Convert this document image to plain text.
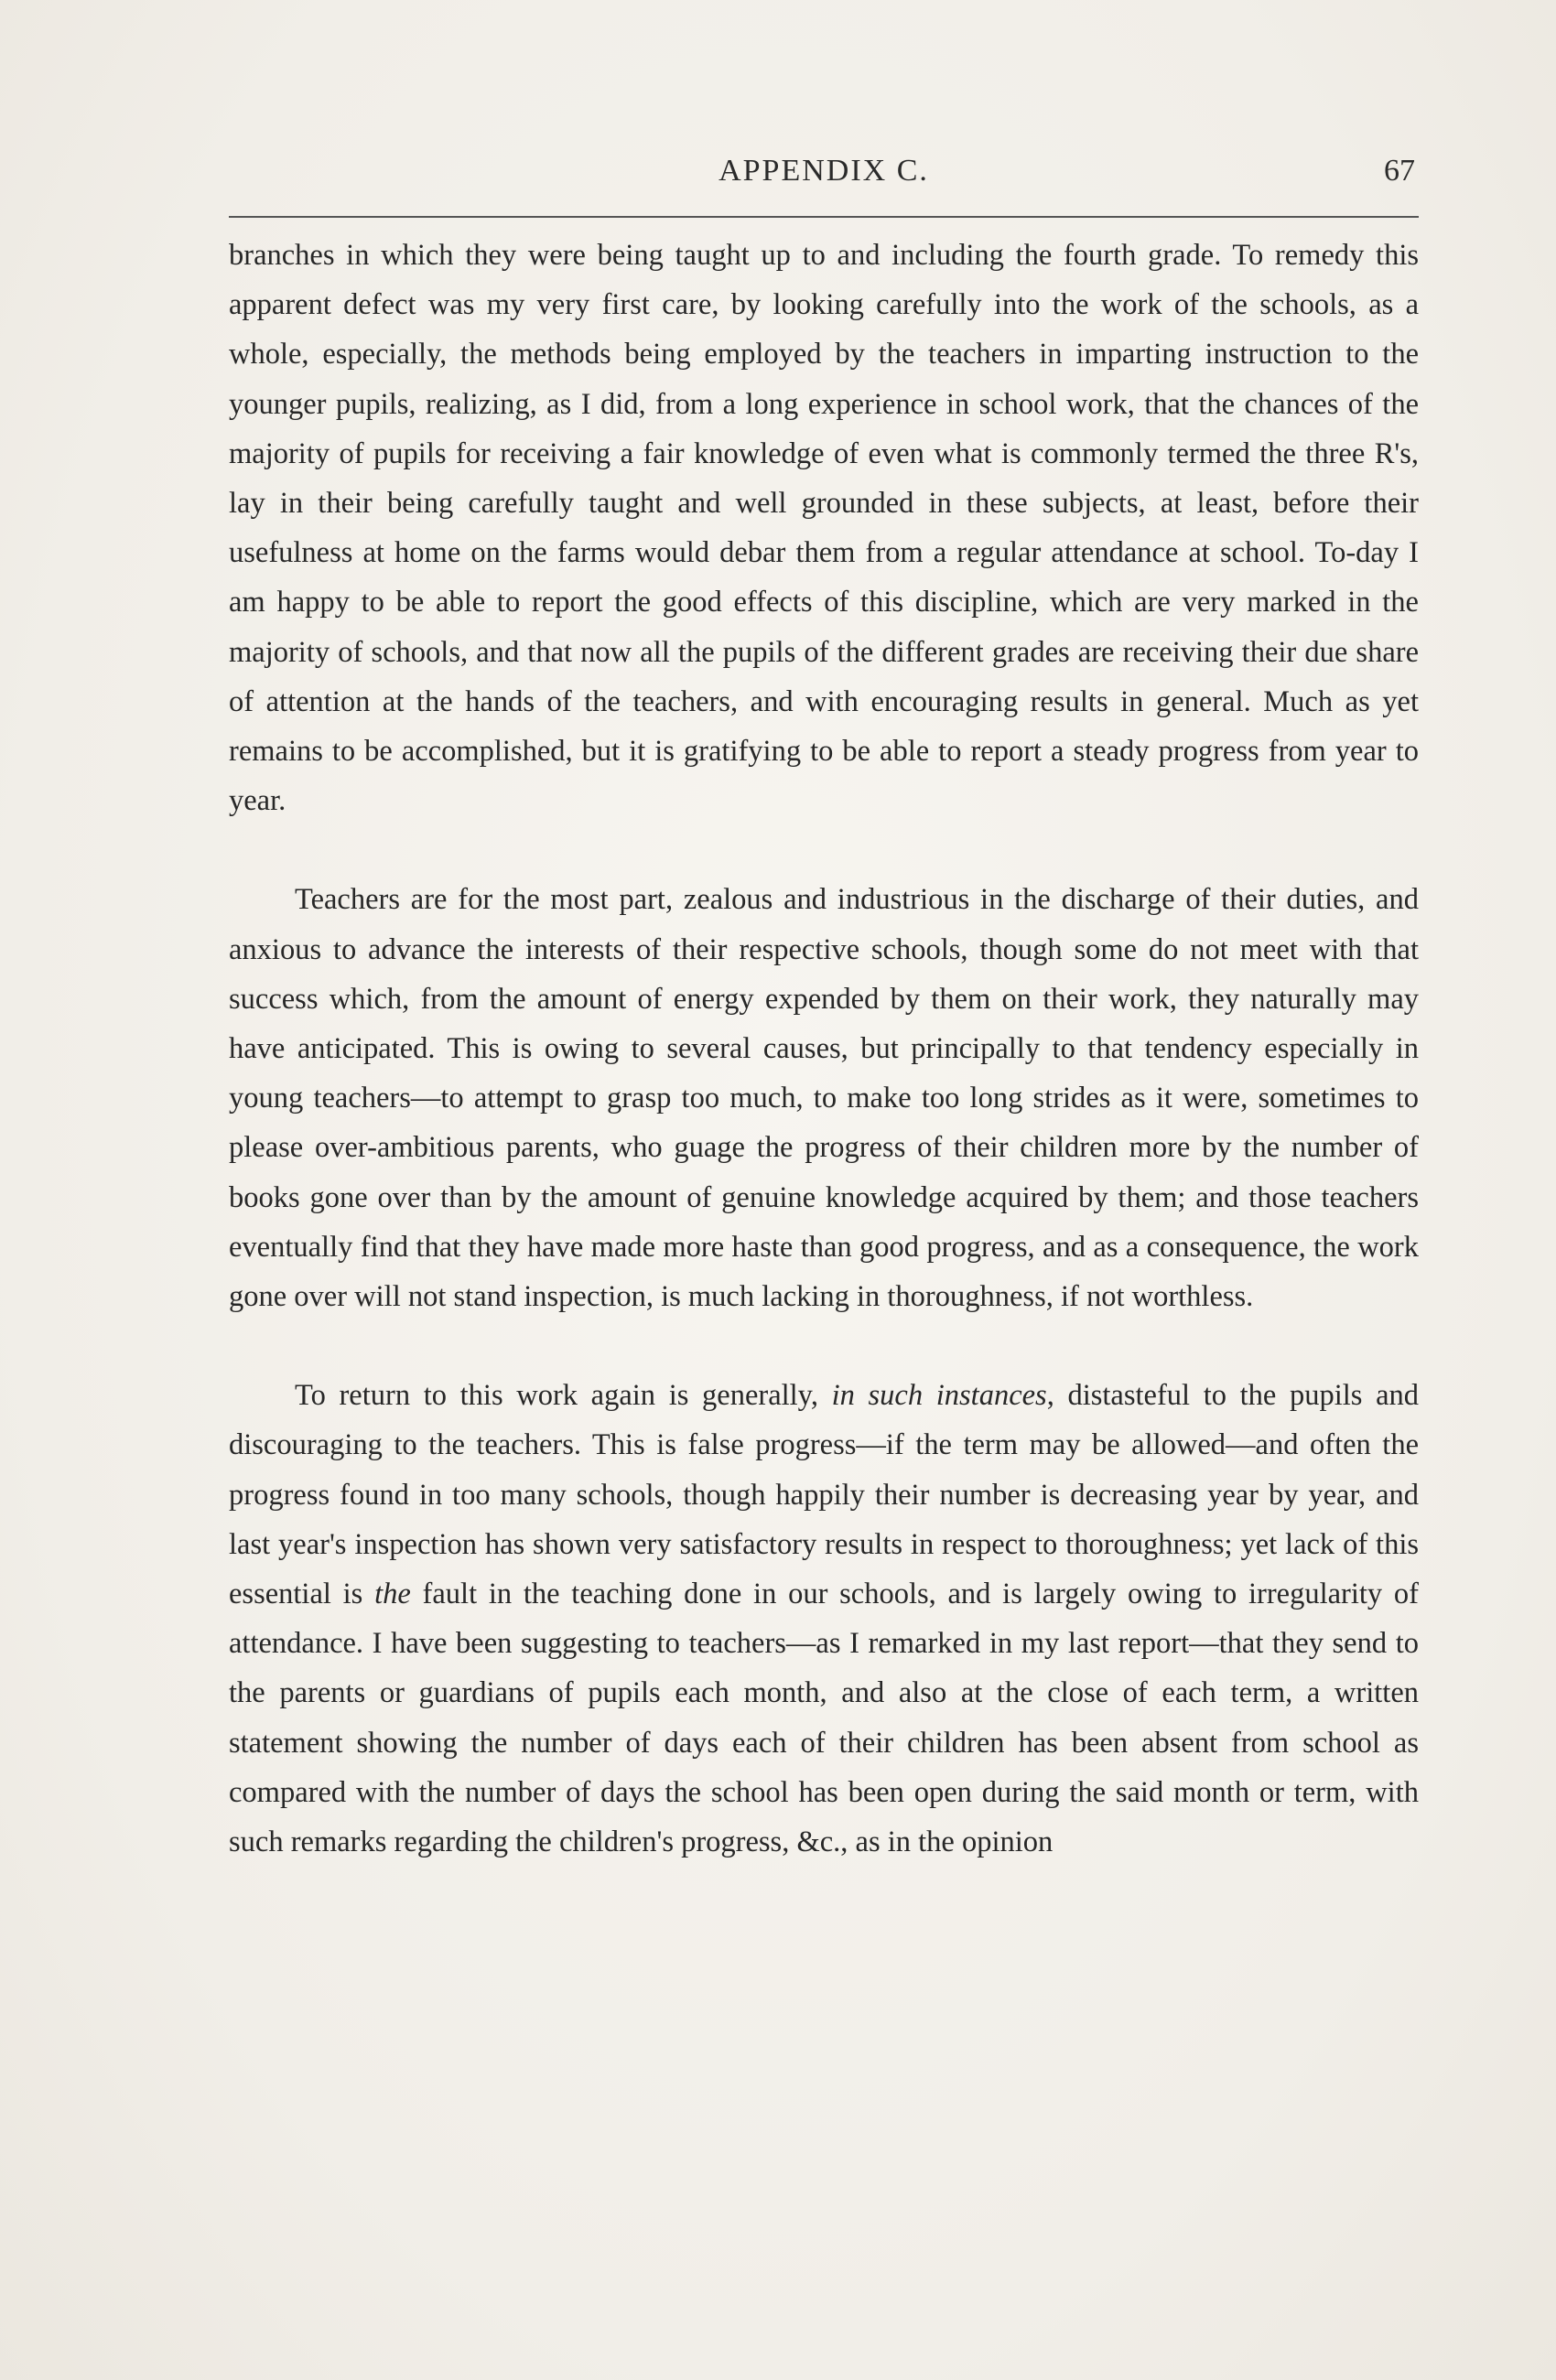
APPENDIX C.	67

branches in which they were being taught up to and including the fourth grade. To remedy this apparent defect was my very first care, by looking carefully into the work of the schools, as a whole, especially, the methods being employed by the teachers in imparting instruction to the younger pupils, realizing, as I did, from a long experience in school work, that the chances of the majority of pupils for receiving a fair knowledge of even what is commonly termed the three R's, lay in their being carefully taught and well grounded in these subjects, at least, before their usefulness at home on the farms would debar them from a regular attendance at school. To-day I am happy to be able to report the good effects of this discipline, which are very marked in the majority of schools, and that now all the pupils of the different grades are receiving their due share of attention at the hands of the teachers, and with encouraging results in general. Much as yet remains to be accomplished, but it is gratifying to be able to report a steady progress from year to year.

Teachers are for the most part, zealous and industrious in the discharge of their duties, and anxious to advance the interests of their respective schools, though some do not meet with that success which, from the amount of energy expended by them on their work, they naturally may have anticipated. This is owing to several causes, but principally to that tendency especially in young teachers—to attempt to grasp too much, to make too long strides as it were, sometimes to please over-ambitious parents, who guage the progress of their children more by the number of books gone over than by the amount of genuine knowledge acquired by them; and those teachers eventually find that they have made more haste than good progress, and as a consequence, the work gone over will not stand inspection, is much lacking in thoroughness, if not worthless.

To return to this work again is generally, in such instances, distasteful to the pupils and discouraging to the teachers. This is false progress—if the term may be allowed—and often the progress found in too many schools, though happily their number is decreasing year by year, and last year's inspection has shown very satisfactory results in respect to thoroughness; yet lack of this essential is the fault in the teaching done in our schools, and is largely owing to irregularity of attendance. I have been suggesting to teachers—as I remarked in my last report—that they send to the parents or guardians of pupils each month, and also at the close of each term, a written statement showing the number of days each of their children has been absent from school as compared with the number of days the school has been open during the said month or term, with such remarks regarding the children's progress, &c., as in the opinion
